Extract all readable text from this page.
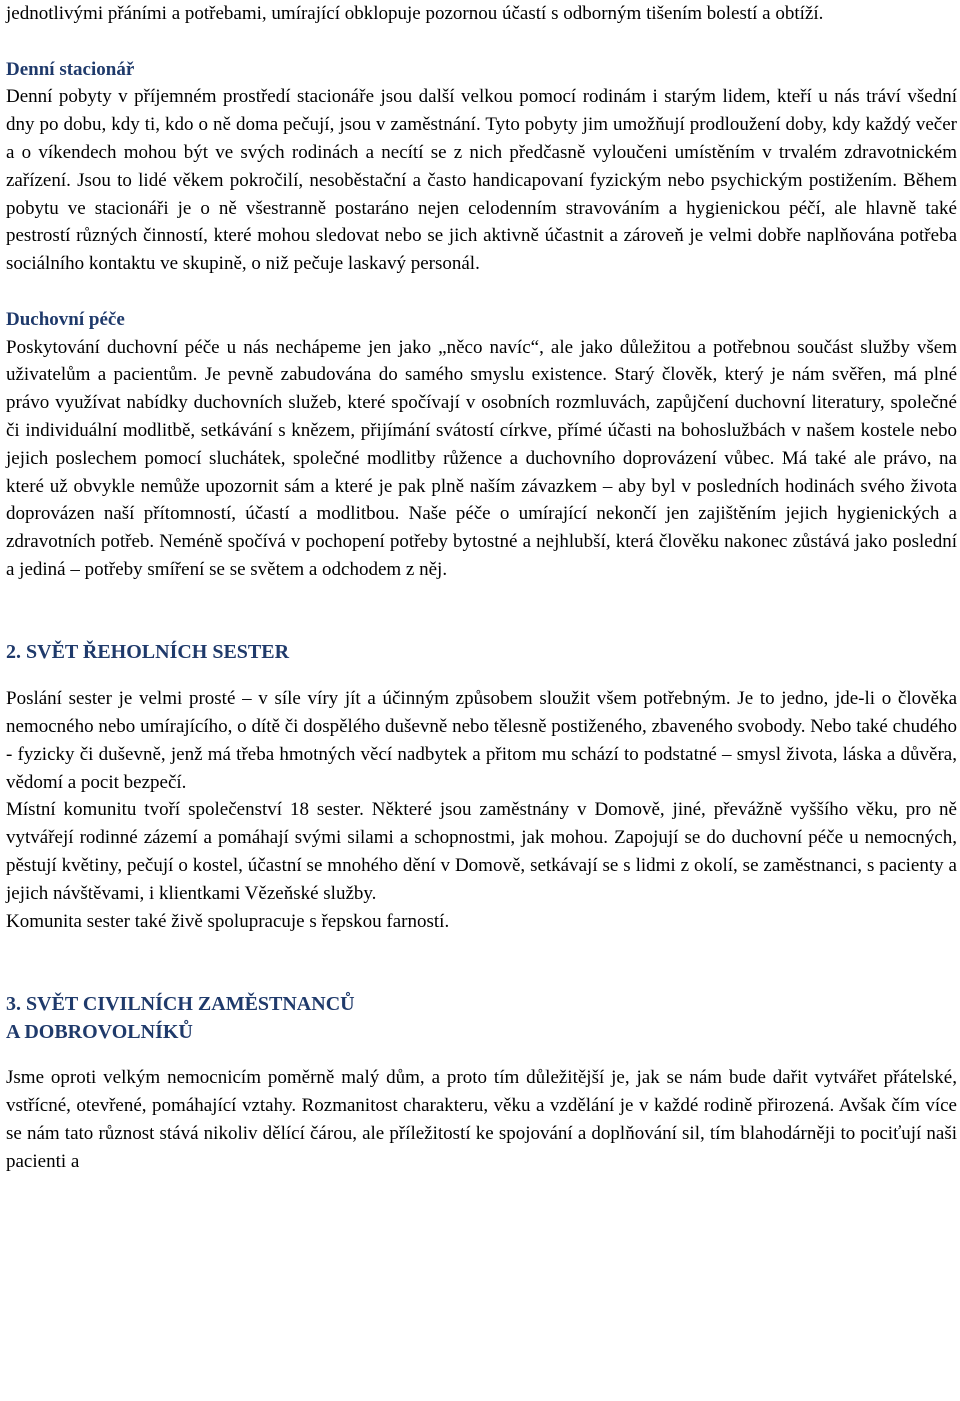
jednotlivými přáními a potřebami, umírající obklopuje pozornou účastí s odborným tišením bolestí a obtíží.

Denní stacionář

Denní pobyty v příjemném prostředí stacionáře jsou další velkou pomocí rodinám i starým lidem, kteří u nás tráví všední dny po dobu, kdy ti, kdo o ně doma pečují, jsou v zaměstnání. Tyto pobyty jim umožňují prodloužení doby, kdy každý večer a o víkendech mohou být ve svých rodinách a necítí se z nich předčasně vyloučeni umístěním v trvalém zdravotnickém zařízení. Jsou to lidé věkem pokročilí, nesoběstační a často handicapovaní fyzickým nebo psychickým postižením. Během pobytu ve stacionáři je o ně všestranně postaráno nejen celodenním stravováním a hygienickou péčí, ale hlavně také pestrostí různých činností, které mohou sledovat nebo se jich aktivně účastnit a zároveň je velmi dobře naplňována potřeba sociálního kontaktu ve skupině, o niž pečuje laskavý personál.

Duchovní péče

Poskytování duchovní péče u nás nechápeme jen jako „něco navíc“, ale jako důležitou a potřebnou součást služby všem uživatelům a pacientům. Je pevně zabudována do samého smyslu existence. Starý člověk, který je nám svěřen, má plné právo využívat nabídky duchovních služeb, které spočívají v osobních rozmluvách, zapůjčení duchovní literatury, společné či individuální modlitbě, setkávání s knězem, přijímání svátostí církve, přímé účasti na bohoslužbách v našem kostele nebo jejich poslechem pomocí sluchátek, společné modlitby růžence a duchovního doprovázení vůbec. Má také ale právo, na které už obvykle nemůže upozornit sám a které je pak plně naším závazkem – aby byl v posledních hodinách svého života doprovázen naší přítomností, účastí a modlitbou. Naše péče o umírající nekončí jen zajištěním jejich hygienických a zdravotních potřeb. Neméně spočívá v pochopení potřeby bytostné a nejhlubší, která člověku nakonec zůstává jako poslední a jediná – potřeby smíření se se světem a odchodem z něj.

2. SVĚT ŘEHOLNÍCH SESTER

Poslání sester je velmi prosté – v síle víry jít a účinným způsobem sloužit všem potřebným. Je to jedno, jde-li o člověka nemocného nebo umírajícího, o dítě či dospělého duševně nebo tělesně postiženého, zbaveného svobody. Nebo také chudého - fyzicky či duševně, jenž má třeba hmotných věcí nadbytek a přitom mu schází to podstatné – smysl života, láska a důvěra, vědomí a pocit bezpečí.

Místní komunitu tvoří společenství 18 sester. Některé jsou zaměstnány v Domově, jiné, převážně vyššího věku, pro ně vytvářejí rodinné zázemí a pomáhají svými silami a schopnostmi, jak mohou. Zapojují se do duchovní péče u nemocných, pěstují květiny, pečují o kostel, účastní se mnohého dění v Domově, setkávají se s lidmi z okolí, se zaměstnanci, s pacienty a jejich návštěvami, i klientkami Vězeňské služby.

Komunita sester také živě spolupracuje s řepskou farností.

3. SVĚT CIVILNÍCH ZAMĚSTNANCŮ

A DOBROVOLNÍKŮ

Jsme oproti velkým nemocnicím poměrně malý dům, a proto tím důležitější je, jak se nám bude dařit vytvářet přátelské, vstřícné, otevřené, pomáhající vztahy. Rozmanitost charakteru, věku a vzdělání je v každé rodině přirozená. Avšak čím více se nám tato různost stává nikoliv dělící čárou, ale příležitostí ke spojování a doplňování sil, tím blahodárněji to pociťují naši pacienti a
